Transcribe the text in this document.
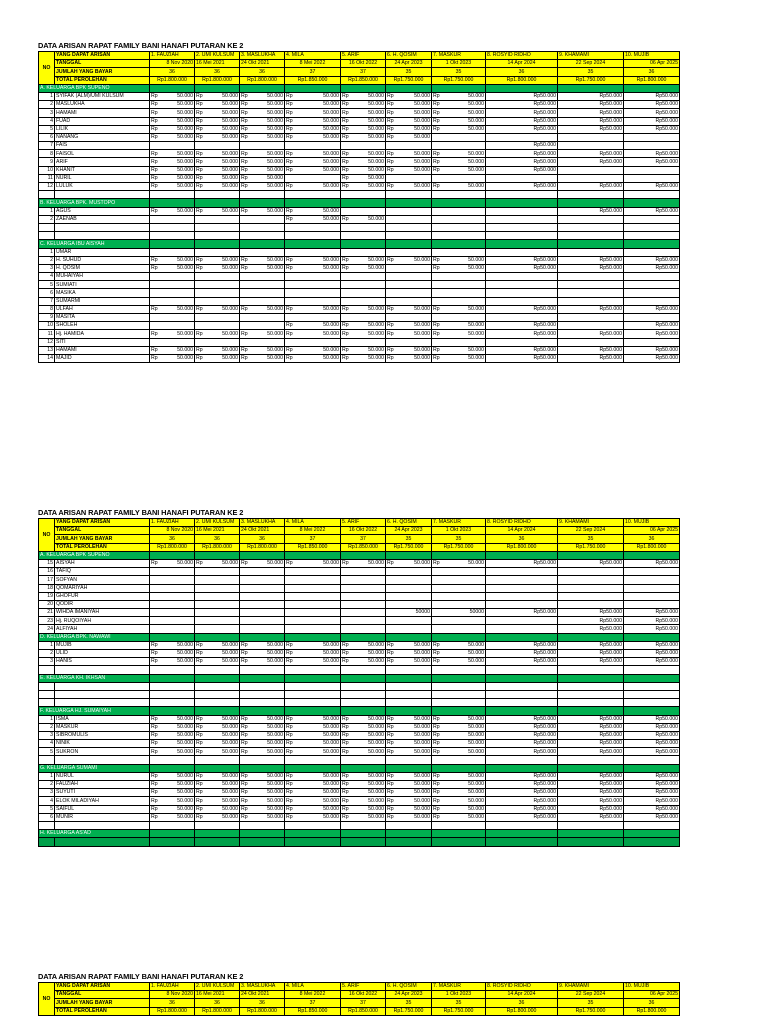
DATA ARISAN RAPAT FAMILY BANI HANAFI PUTARAN KE 2
NO	YANG DAPAT ARISAN	1. FAUZIAH	2. UMI KULSUM	3. MASLUKHA	4. MILA	5. ARIF	6. H. QOSIM	7. MASKUR	8. ROSYID RIDHO	9. KHAMAMI	10. MUJIB
	TANGGAL	8 Nov 2020	16 Mei 2021	24 Okt 2021	8 Mei 2022	16 Okt 2022	24 Apr 2023	1 Okt 2023	14 Apr 2024	22 Sep 2024	06 Apr 2025
	JUMLAH YANG BAYAR	36	36	36	37	37	35	35	36	35	36
	TOTAL PEROLEHAN	Rp1.800.000	Rp1.800.000	Rp1.800.000	Rp1.850.000	Rp1.850.000	Rp1.750.000	Rp1.750.000	Rp1.800.000	Rp1.750.000	Rp1.800.000
A. KELUARGA BPK SUPENO											
1	SYIFAK (ALM)/UMI KULSUM	Rp 50.000	Rp 50.000	Rp 50.000	Rp 50.000	Rp 50.000	Rp 50.000	Rp 50.000	Rp50.000	Rp50.000	Rp50.000
2	MASLUKHA	Rp 50.000	Rp 50.000	Rp 50.000	Rp 50.000	Rp 50.000	Rp 50.000	Rp 50.000	Rp50.000	Rp50.000	Rp50.000
3	HAMAMI	Rp 50.000	Rp 50.000	Rp 50.000	Rp 50.000	Rp 50.000	Rp 50.000	Rp 50.000	Rp50.000	Rp50.000	Rp50.000
4	FUAD	Rp 50.000	Rp 50.000	Rp 50.000	Rp 50.000	Rp 50.000	Rp 50.000	Rp 50.000	Rp50.000	Rp50.000	Rp50.000
5	LILIK	Rp 50.000	Rp 50.000	Rp 50.000	Rp 50.000	Rp 50.000	Rp 50.000	Rp 50.000	Rp50.000	Rp50.000	Rp50.000
6	NANANG	Rp 50.000	Rp 50.000	Rp 50.000	Rp 50.000	Rp 50.000	Rp 50.000				

7	FAIS								Rp50.000		
8	FAISOL	Rp 50.000	Rp 50.000	Rp 50.000	Rp 50.000	Rp 50.000	Rp 50.000	Rp 50.000	Rp50.000	Rp50.000	Rp50.000
9	ARIF	Rp 50.000	Rp 50.000	Rp 50.000	Rp 50.000	Rp 50.000	Rp 50.000	Rp 50.000	Rp50.000	Rp50.000	Rp50.000
10	KHANIT	Rp 50.000	Rp 50.000	Rp 50.000	Rp 50.000	Rp 50.000	Rp 50.000	Rp 50.000	Rp50.000		
11	NURIL	Rp 50.000	Rp 50.000	Rp 50.000		Rp 50.000					

12	LULUK	Rp 50.000	Rp 50.000	Rp 50.000	Rp 50.000	Rp 50.000	Rp 50.000	Rp 50.000	Rp50.000	Rp50.000	Rp50.000

B. KELUARGA BPK. MUSTOPO											
1	AGUS	Rp 50.000	Rp 50.000	Rp 50.000	Rp 50.000					Rp50.000	Rp50.000
2	ZAENAB				Rp 50.000	Rp 50.000					

C. KELUARGA IBU AISYAH											
1	UMAR										
2	H. SUHUD	Rp 50.000	Rp 50.000	Rp 50.000	Rp 50.000	Rp 50.000	Rp 50.000	Rp 50.000	Rp50.000	Rp50.000	Rp50.000
3	H. QOSIM	Rp 50.000	Rp 50.000	Rp 50.000	Rp 50.000	Rp 50.000		Rp 50.000	Rp50.000	Rp50.000	Rp50.000
4	MUHAIYAH										
5	SUMIATI										
6	MASIKA										
7	SUMARMI										
8	ULFAH	Rp 50.000	Rp 50.000	Rp 50.000	Rp 50.000	Rp 50.000	Rp 50.000	Rp 50.000	Rp50.000	Rp50.000	Rp50.000
9	MASITA										
10	SHOLEH				Rp 50.000	Rp 50.000	Rp 50.000	Rp 50.000	Rp50.000		Rp50.000
11	Hj. HAMIDA	Rp 50.000	Rp 50.000	Rp 50.000	Rp 50.000	Rp 50.000	Rp 50.000	Rp 50.000	Rp50.000	Rp50.000	Rp50.000
12	SITI										
13	HAMAMI	Rp 50.000	Rp 50.000	Rp 50.000	Rp 50.000	Rp 50.000	Rp 50.000	Rp 50.000	Rp50.000	Rp50.000	Rp50.000
14	MAJID	Rp 50.000	Rp 50.000	Rp 50.000	Rp 50.000	Rp 50.000	Rp 50.000	Rp 50.000	Rp50.000	Rp50.000	Rp50.000
DATA ARISAN RAPAT FAMILY BANI HANAFI PUTARAN KE 2
NO	YANG DAPAT ARISAN	1. FAUZIAH	2. UMI KULSUM	3. MASLUKHA	4. MILA	5. ARIF	6. H. QOSIM	7. MASKUR	8. ROSYID RIDHO	9. KHAMAMI	10. MUJIB
	TANGGAL	8 Nov 2020	16 Mei 2021	24 Okt 2021	8 Mei 2022	16 Okt 2022	24 Apr 2023	1 Okt 2023	14 Apr 2024	22 Sep 2024	06 Apr 2025
	JUMLAH YANG BAYAR	36	36	36	37	37	35	35	36	35	36
	TOTAL PEROLEHAN	Rp1.800.000	Rp1.800.000	Rp1.800.000	Rp1.850.000	Rp1.850.000	Rp1.750.000	Rp1.750.000	Rp1.800.000	Rp1.750.000	Rp1.800.000
A. KELUARGA BPK SUPENO											
15	AISYAH	Rp 50.000	Rp 50.000	Rp 50.000	Rp 50.000	Rp 50.000	Rp 50.000	Rp 50.000	Rp50.000	Rp50.000	Rp50.000
16	TAFIQ										
17	SOFYAN										
18	QOMARIYAH										
19	GHOFUR										
20	QODIR										
21	WIHDA IMANIYAH						50000	50000	Rp50.000	Rp50.000	Rp50.000
23	Hj. RUQOIYAH									Rp50.000	Rp50.000
24	ALFIYAH									Rp50.000	Rp50.000
D. KELUARGA BPK. NAWAWI											
1	MUJIB	Rp 50.000	Rp 50.000	Rp 50.000	Rp 50.000	Rp 50.000	Rp 50.000	Rp 50.000	Rp50.000	Rp50.000	Rp50.000
2	ULID	Rp 50.000	Rp 50.000	Rp 50.000	Rp 50.000	Rp 50.000	Rp 50.000	Rp 50.000	Rp50.000	Rp50.000	Rp50.000
3	HANIS	Rp 50.000	Rp 50.000	Rp 50.000	Rp 50.000	Rp 50.000	Rp 50.000	Rp 50.000	Rp50.000	Rp50.000	Rp50.000

E. KELUARGA KH. IKHSAN											

F. KELUARGA HJ. SUMAIYAH											
1	ISMA	Rp 50.000	Rp 50.000	Rp 50.000	Rp 50.000	Rp 50.000	Rp 50.000	Rp 50.000	Rp50.000	Rp50.000	Rp50.000
2	MASKUR	Rp 50.000	Rp 50.000	Rp 50.000	Rp 50.000	Rp 50.000	Rp 50.000	Rp 50.000	Rp50.000	Rp50.000	Rp50.000
3	SIBROMULIS	Rp 50.000	Rp 50.000	Rp 50.000	Rp 50.000	Rp 50.000	Rp 50.000	Rp 50.000	Rp50.000	Rp50.000	Rp50.000
4	NINIK	Rp 50.000	Rp 50.000	Rp 50.000	Rp 50.000	Rp 50.000	Rp 50.000	Rp 50.000	Rp50.000	Rp50.000	Rp50.000
5	SUKRON	Rp 50.000	Rp 50.000	Rp 50.000	Rp 50.000	Rp 50.000	Rp 50.000	Rp 50.000	Rp50.000	Rp50.000	Rp50.000

G. KELUARGA SUMAMI											
1	NURUL	Rp 50.000	Rp 50.000	Rp 50.000	Rp 50.000	Rp 50.000	Rp 50.000	Rp 50.000	Rp50.000	Rp50.000	Rp50.000
2	FAUZIAH	Rp 50.000	Rp 50.000	Rp 50.000	Rp 50.000	Rp 50.000	Rp 50.000	Rp 50.000	Rp50.000	Rp50.000	Rp50.000
3	SUYUTI	Rp 50.000	Rp 50.000	Rp 50.000	Rp 50.000	Rp 50.000	Rp 50.000	Rp 50.000	Rp50.000	Rp50.000	Rp50.000
4	ELOK MILADIYAH	Rp 50.000	Rp 50.000	Rp 50.000	Rp 50.000	Rp 50.000	Rp 50.000	Rp 50.000	Rp50.000	Rp50.000	Rp50.000
5	SAIFUL	Rp 50.000	Rp 50.000	Rp 50.000	Rp 50.000	Rp 50.000	Rp 50.000	Rp 50.000	Rp50.000	Rp50.000	Rp50.000
6	MUNIR	Rp 50.000	Rp 50.000	Rp 50.000	Rp 50.000	Rp 50.000	Rp 50.000	Rp 50.000	Rp50.000	Rp50.000	Rp50.000

H. KELUARGA AS'AD											

DATA ARISAN RAPAT FAMILY BANI HANAFI PUTARAN KE 2
NO	YANG DAPAT ARISAN	1. FAUZIAH	2. UMI KULSUM	3. MASLUKHA	4. MILA	5. ARIF	6. H. QOSIM	7. MASKUR	8. ROSYID RIDHO	9. KHAMAMI	10. MUJIB
	TANGGAL	8 Nov 2020	16 Mei 2021	24 Okt 2021	8 Mei 2022	16 Okt 2022	24 Apr 2023	1 Okt 2023	14 Apr 2024	22 Sep 2024	06 Apr 2025
	JUMLAH YANG BAYAR	36	36	36	37	37	35	35	36	35	36
	TOTAL PEROLEHAN	Rp1.800.000	Rp1.800.000	Rp1.800.000	Rp1.850.000	Rp1.850.000	Rp1.750.000	Rp1.750.000	Rp1.800.000	Rp1.750.000	Rp1.800.000
